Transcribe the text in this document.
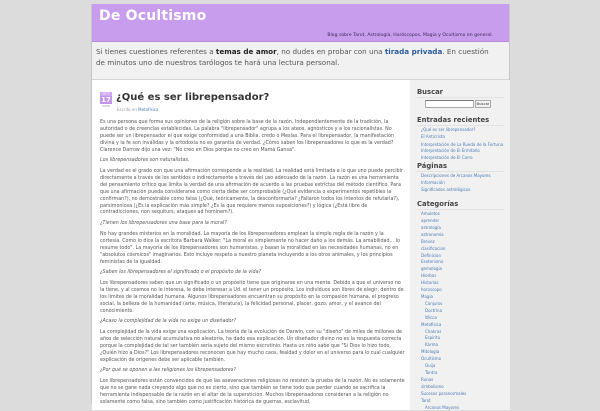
De Ocultismo
Blog sobre Tarot, Astrología, Horóscopos, Magia y Ocultismo en general.
Si tienes cuestiones referentes a temas de amor, no dudes en probar con una tirada privada. En cuestión de minutos uno de nuestros tarólogos te hará una lectura personal.
OCT
17
2008
¿Qué es ser librepensador?
Escrito en Metafísica

Es una persona que forma sus opiniones de la religión sobre la base de la razón. Independientemente de la tradición, la autoridad o de creencias establecidas. La palabra "librepensador" agrupa a los ateos, agnósticos y a los racionalistas. No puede ser un librepensador el que exige conformidad a una Biblia, credo o Mesías. Para el librepensador, la manifestación divina y la fe son inválidas y la ortodoxia no es garantía de verdad. ¿Cómo saben los librepensadores lo que es la verdad? Clarence Darrow dijo una vez: "No creo en Dios porque no creo en Mamá Gansa".

Los librepensadores son naturalistas.

La verdad es el grado con que una afirmación corresponde a la realidad. La realidad está limitada a lo que uno puede percibir directamente a través de los sentidos o indirectamente a través del uso adecuado de la razón. La razón es una herramienta del pensamiento crítico que limita la verdad de una afirmación de acuerdo a las pruebas estrictas del método científico. Para que una afirmación pueda considerarse como cierta debe ser comprobable (¿Qué evidencia o experimentos repetibles la confirman?), no demostrable como falsa (¿Qué, teóricamente, la desconformaría? ¿Fallaron todos los intentos de refutarla?), parsimoniosa (¿Es la explicación más simple? ¿Es la que requiere menos suposiciones?) y lógica (¿Está libre de contradicciones, non sequiturs, ataques ad hominem?).

¿Tienen los librepensadores una base para la moral?

No hay grandes misterios en la moralidad. La mayoría de los librepensadores emplean la simple regla de la razón y la cortesía. Como lo dice la escritora Barbara Walker: "La moral es simplemente no hacer daño a los demás. La amabilidad... lo resume todo". La mayoría de los librepensadores son humanistas, y basan la moralidad en las necesidades humanas, no en "absolutos cósmicos" imaginarios. Esto incluye respeto a nuestro planeta incluyendo a los otros animales, y los principios feministas de la igualdad.

¿Saben los librepensadores el significado o el propósito de la vida?

Los librepensadores saben que un significado o un propósito tiene que originarse en una mente. Debido a que el universo no la tiene, y al cosmos no le interesa, le debe interesar a Ud. el tener un propósito. Los individuos son libres de elegir, dentro de los límites de la moralidad humana. Algunos librepensadores encuentran su propósito en la compasión humana, el progreso social, la belleza de la humanidad (arte, música, literatura), la felicidad personal, placer, gozo, amor, y el avance del conocimiento.

¿Acaso la complejidad de la vida no exige un diseñador?

La complejidad de la vida exige una explicación. La teoría de la evolución de Darwin, con su "diseño" de miles de millones de años de selección natural acumulativa no aleatoria, ha dado esa explicación. Un diseñador divino no es la respuesta correcta porque la complejidad de tal ser también sería sujeto del mismo escrutinio. Hasta un niño sabe que "Si Dios lo hizo todo, ¿Quién hizo a Dios?" Los librepensadores reconocen que hay mucho caos, fealdad y dolor en el universo para lo cual cualquier explicación de orígenes debe ser aplicable también.

¿Por qué se oponen a las religiones los librepensadores?

Los librepensadores están convencidos de que las aseveraciones religiosas no resisten la prueba de la razón. No es solamente que no se gane nada creyendo algo que no es cierto, sino que también se tiene todo que perder cuando se sacrifica la herramienta indispensable de la razón en el altar de la superstición. Muchos librepensadores consideran a la religión no solamente como falsa, sino también como justificación histórica de guerras, esclavitud,

Buscar
Buscar
Entradas recientes
¿Qué es ser librepensador?
El Anticristo
Interpretación de La Rueda de la Fortuna
Interpretación de El Ermitaño
Interpretación de El Carro
Páginas
Descripciones de Arcanos Mayores
Información
Significados astrológicos
Categorías
Amuletos
aprender
astrologia
astronomia
Brevez
clasificacion
Definicion
Esoterismo
gemologia
Hierbas
Historias
horoscopo
Magia
Conjuros
Doctrina
Wicca
Metafisica
Chakras
Espiritu
Karma
Mitologia
Ocultismo
Ouija
Tantra
Runas
simbolismo
Sucesos paranormales
Tarot
Arcanos Mayores
